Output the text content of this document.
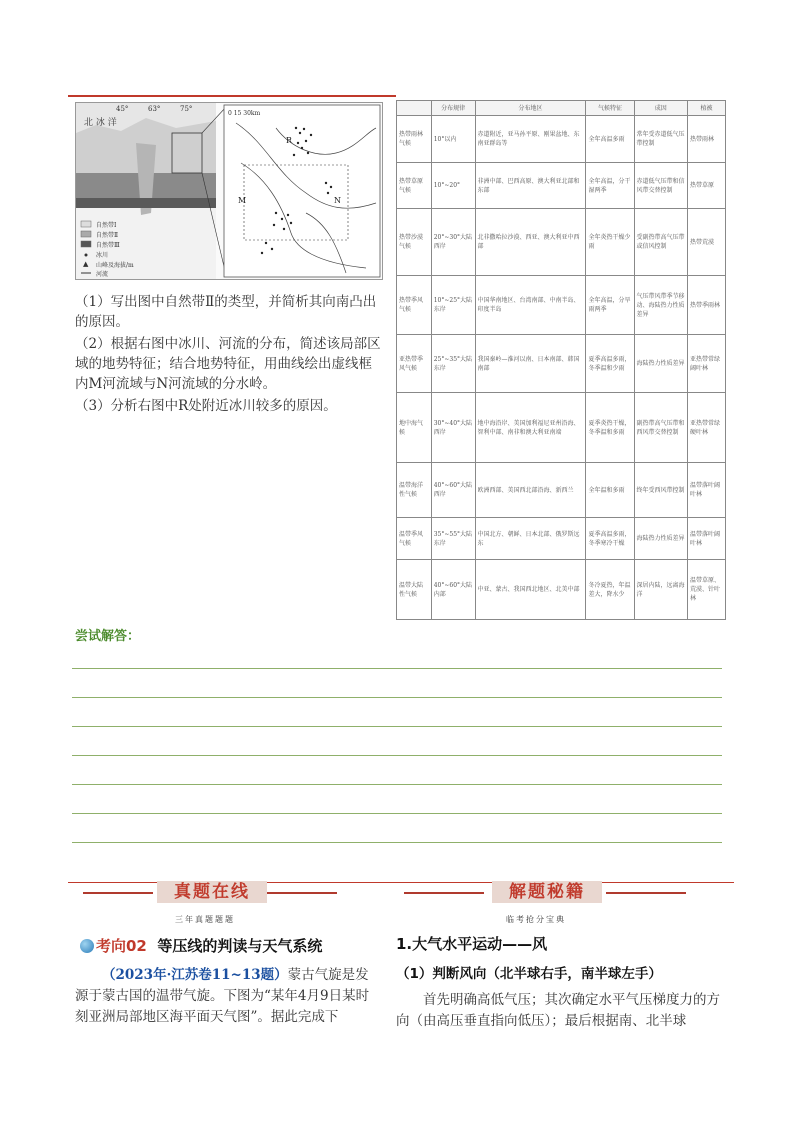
▲
自然带Ⅰ
自然带Ⅱ
自然带Ⅲ
冰川
山峰及海拔/m
河流
北 冰 洋
45°	63°	75°
0 15 30km
R
M	N
（1）写出图中自然带Ⅱ的类型，并简析其向南凸出的原因。
（2）根据右图中冰川、河流的分布，简述该局部区域的地势特征；结合地势特征，用曲线绘出虚线框内M河流域与N河流域的分水岭。
（3）分析右图中R处附近冰川较多的原因。
	分布规律	分布地区	气候特征	成因	植被
热带雨林气候	10°以内	赤道附近，亚马孙平原、刚果盆地、东南亚群岛等	全年高温多雨	常年受赤道低气压带控制	热带雨林
热带草原气候	10°~20°	非洲中部、巴西高原、澳大利亚北部和东部	全年高温，分干湿两季	赤道低气压带和信风带交替控制	热带草原
热带沙漠气候	20°~30°大陆西岸	北非撒哈拉沙漠、西亚、澳大利亚中西部	全年炎热干燥少雨	受副热带高气压带或信风控制	热带荒漠
热带季风气候	10°~25°大陆东岸	中国华南地区、台湾南部、中南半岛、印度半岛	全年高温，分旱雨两季	气压带风带季节移动、海陆热力性质差异	热带季雨林
亚热带季风气候	25°~35°大陆东岸	我国秦岭—淮河以南、日本南部、韩国南部	夏季高温多雨，冬季温和少雨	海陆热力性质差异	亚热带常绿阔叶林
地中海气候	30°~40°大陆西岸	地中海沿岸、美国加利福尼亚州沿海、智利中部、南非和澳大利亚南端	夏季炎热干燥，冬季温和多雨	副热带高气压带和西风带交替控制	亚热带常绿硬叶林
温带海洋性气候	40°~60°大陆西岸	欧洲西部、美国西北部沿海、新西兰	全年温和多雨	终年受西风带控制	温带落叶阔叶林
温带季风气候	35°~55°大陆东岸	中国北方、朝鲜、日本北部、俄罗斯远东	夏季高温多雨，冬季寒冷干燥	海陆热力性质差异	温带落叶阔叶林
温带大陆性气候	40°~60°大陆内部	中亚、蒙古、我国西北地区、北美中部	冬冷夏热，年温差大，降水少	深居内陆，远离海洋	温带草原、荒漠、针叶林
尝试解答：
真题在线
三年真题题题
解题秘籍
临考抢分宝典
考向02 等压线的判读与天气系统
（2023年·江苏卷11~13题）蒙古气旋是发源于蒙古国的温带气旋。下图为“某年4月9日某时刻亚洲局部地区海平面天气图”。据此完成下
1.大气水平运动——风
（1）判断风向（北半球右手，南半球左手）
首先明确高低气压；其次确定水平气压梯度力的方向（由高压垂直指向低压）；最后根据南、北半球
